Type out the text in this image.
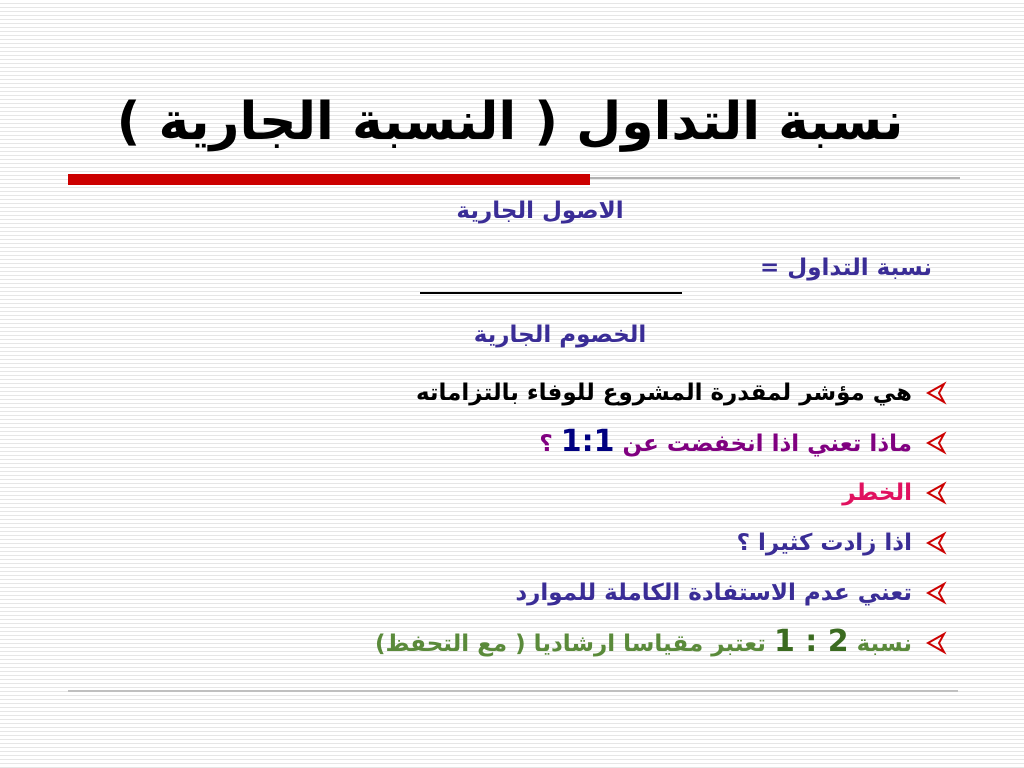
نسبة التداول ( النسبة الجارية )
الاصول الجارية
نسبة التداول =
الخصوم الجارية
هي مؤشر لمقدرة المشروع للوفاء بالتزاماته
ماذا تعني اذا انخفضت عن 1:1 ؟
الخطر
اذا زادت كثيرا ؟
تعني عدم الاستفادة الكاملة للموارد
نسبة 2 : 1 تعتبر مقياسا ارشاديا ( مع التحفظ)
